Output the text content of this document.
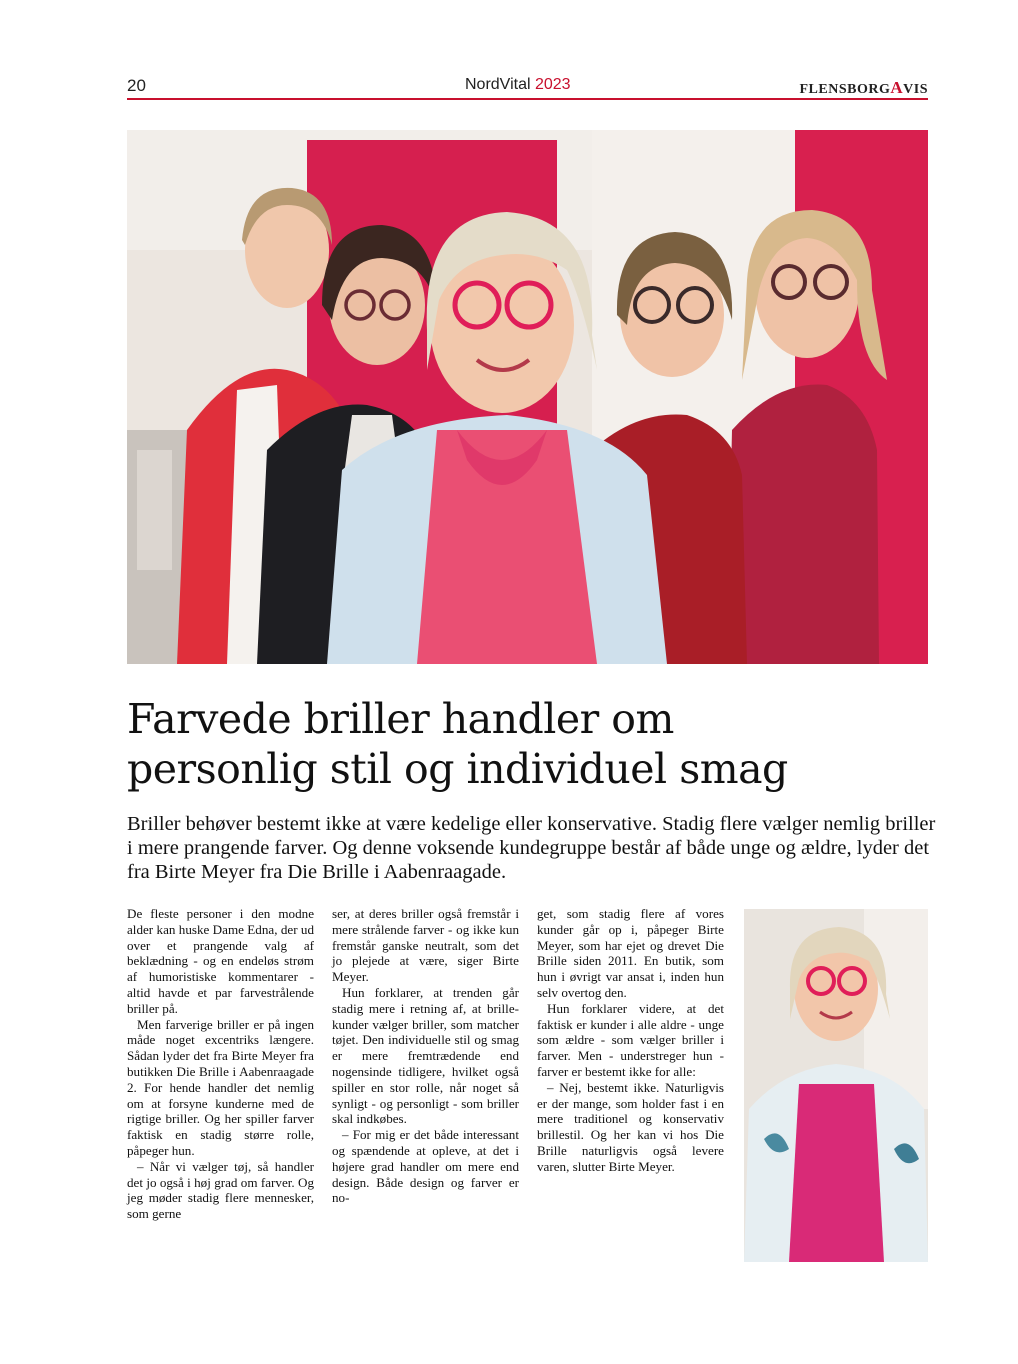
20	NordVital 2023	FLENSBORGAVIS
Farvede briller handler om
personlig stil og individuel smag
Briller behøver bestemt ikke at være kedelige eller konservative. Stadig flere vælger nemlig briller i mere prangende farver. Og denne voksende kundegruppe består af både unge og ældre, lyder det fra Birte Meyer fra Die Brille i Aabenraagade.

De fleste personer i den modne alder kan huske Dame Edna, der ud over et prangende valg af beklædning - og en endeløs strøm af humoristiske kommentarer - altid havde et par farvestrålende briller på.

Men farverige briller er på ingen måde noget excentriks længere. Sådan lyder det fra Birte Meyer fra butikken Die Brille i Aabenraagade 2. For hende handler det nemlig om at forsyne kunderne med de rigtige briller. Og her spiller farver faktisk en stadig større rolle, påpeger hun.

– Når vi vælger tøj, så handler det jo også i høj grad om farver. Og jeg møder stadig flere mennesker, som gerne

ser, at deres briller også fremstår i mere strålende farver - og ikke kun fremstår ganske neutralt, som det jo plejede at være, siger Birte Meyer.

Hun forklarer, at trenden går stadig mere i retning af, at brille-kunder vælger briller, som matcher tøjet. Den individuelle stil og smag er mere fremtrædende end nogensinde tidligere, hvilket også spiller en stor rolle, når noget så synligt - og personligt - som briller skal indkøbes.

– For mig er det både interessant og spændende at opleve, at det i højere grad handler om mere end design. Både design og farver er no-

get, som stadig flere af vores kunder går op i, påpeger Birte Meyer, som har ejet og drevet Die Brille siden 2011. En butik, som hun i øvrigt var ansat i, inden hun selv overtog den.

Hun forklarer videre, at det faktisk er kunder i alle aldre - unge som ældre - som vælger briller i farver. Men - understreger hun - farver er bestemt ikke for alle:

– Nej, bestemt ikke. Naturligvis er der mange, som holder fast i en mere traditionel og konservativ brillestil. Og her kan vi hos Die Brille naturligvis også levere varen, slutter Birte Meyer.
